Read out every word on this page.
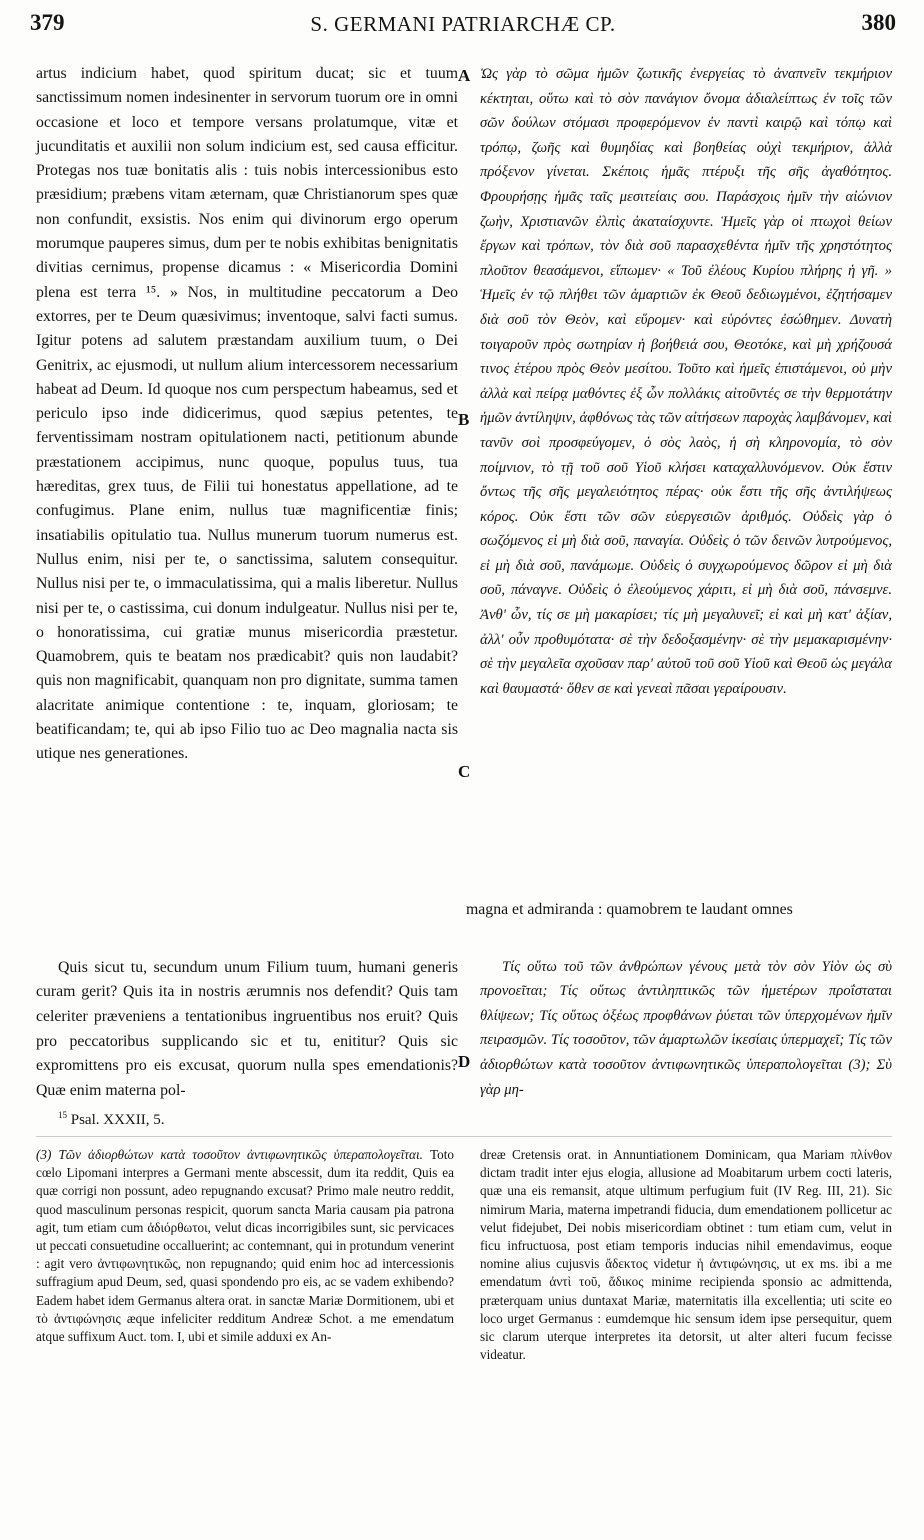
379	S. GERMANI PATRIARCHÆ CP.	380
A
B
C
D

artus indicium habet, quod spiritum ducat; sic et tuum sanctissimum nomen indesinenter in servorum tuorum ore in omni occasione et loco et tempore versans prolatumque, vitæ et jucunditatis et auxilii non solum indicium est, sed causa efficitur. Protegas nos tuæ bonitatis alis : tuis nobis intercessionibus esto præsidium; præbens vitam æternam, quæ Christianorum spes quæ non confundit, exsistis. Nos enim qui divinorum ergo operum morumque pauperes simus, dum per te nobis exhibitas benignitatis divitias cernimus, propense dicamus : « Misericordia Domini plena est terra ¹⁵. » Nos, in multitudine peccatorum a Deo extorres, per te Deum quæsivimus; inventoque, salvi facti sumus. Igitur potens ad salutem præstandam auxilium tuum, o Dei Genitrix, ac ejusmodi, ut nullum alium intercessorem necessarium habeat ad Deum. Id quoque nos cum perspectum habeamus, sed et periculo ipso inde didicerimus, quod sæpius petentes, te ferventissimam nostram opitulationem nacti, petitionum abunde præstationem accipimus, nunc quoque, populus tuus, tua hæreditas, grex tuus, de Filii tui honestatus appellatione, ad te confugimus. Plane enim, nullus tuæ magnificentiæ finis; insatiabilis opitulatio tua. Nullus munerum tuorum numerus est. Nullus enim, nisi per te, o sanctissima, salutem consequitur. Nullus nisi per te, o immaculatissima, qui a malis liberetur. Nullus nisi per te, o castissima, cui donum indulgeatur. Nullus nisi per te, o honoratissima, cui gratiæ munus misericordia præstetur. Quamobrem, quis te beatam nos prædicabit? quis non laudabit? quis non magnificabit, quanquam non pro dignitate, summa tamen alacritate animique contentione : te, inquam, gloriosam; te beatificandam; te, qui ab ipso Filio tuo ac Deo magnalia nacta sis utique nes generationes.

Ὡς γὰρ τὸ σῶμα ἡμῶν ζωτικῆς ἐνεργείας τὸ ἀναπνεῖν τεκμήριον κέκτηται, οὕτω καὶ τὸ σὸν πανάγιον ὄνομα ἀδιαλείπτως ἐν τοῖς τῶν σῶν δούλων στόμασι προφερόμενον ἐν παντὶ καιρῷ καὶ τόπῳ καὶ τρόπῳ, ζωῆς καὶ θυμηδίας καὶ βοηθείας οὐχὶ τεκμήριον, ἀλλὰ πρόξενον γίνεται. Σκέποις ἡμᾶς πτέρυξι τῆς σῆς ἀγαθότητος. Φρουρήσῃς ἡμᾶς ταῖς μεσιτείαις σου. Παράσχοις ἡμῖν τὴν αἰώνιον ζωὴν, Χριστιανῶν ἐλπὶς ἀκαταίσχυντε. Ἡμεῖς γὰρ οἱ πτωχοὶ θείων ἔργων καὶ τρόπων, τὸν διὰ σοῦ παρασχεθέντα ἡμῖν τῆς χρηστότητος πλοῦτον θεασάμενοι, εἴπωμεν· « Τοῦ ἐλέους Κυρίου πλήρης ἡ γῆ. » Ἡμεῖς ἐν τῷ πλήθει τῶν ἁμαρτιῶν ἐκ Θεοῦ δεδιωγμένοι, ἐζητήσαμεν διὰ σοῦ τὸν Θεὸν, καὶ εὕρομεν· καὶ εὑρόντες ἐσώθημεν. Δυνατὴ τοιγαροῦν πρὸς σωτηρίαν ἡ βοήθειά σου, Θεοτόκε, καὶ μὴ χρήζουσά τινος ἑτέρου πρὸς Θεὸν μεσίτου. Τοῦτο καὶ ἡμεῖς ἐπιστάμενοι, οὐ μὴν ἀλλὰ καὶ πείρᾳ μαθόντες ἐξ ὧν πολλάκις αἰτοῦντές σε τὴν θερμοτάτην ἡμῶν ἀντίληψιν, ἀφθόνως τὰς τῶν αἰτήσεων παροχὰς λαμβάνομεν, καὶ τανῦν σοὶ προσφεύγομεν, ὁ σὸς λαὸς, ἡ σὴ κληρονομία, τὸ σὸν ποίμνιον, τὸ τῇ τοῦ σοῦ Υἱοῦ κλήσει καταχαλλυνόμενον. Οὐκ ἔστιν ὄντως τῆς σῆς μεγαλειότητος πέρας· οὐκ ἔστι τῆς σῆς ἀντιλήψεως κόρος. Οὐκ ἔστι τῶν σῶν εὐεργεσιῶν ἀριθμός. Οὐδεὶς γὰρ ὁ σωζόμενος εἰ μὴ διὰ σοῦ, παναγία. Οὐδεὶς ὁ τῶν δεινῶν λυτρούμενος, εἰ μὴ διὰ σοῦ, πανάμωμε. Οὐδεὶς ὁ συγχωρούμενος δῶρον εἰ μὴ διὰ σοῦ, πάναγνε. Οὐδεὶς ὁ ἐλεούμενος χάριτι, εἰ μὴ διὰ σοῦ, πάνσεμνε. Ἀνθ' ὧν, τίς σε μὴ μακαρίσει; τίς μὴ μεγαλυνεῖ; εἰ καὶ μὴ κατ' ἀξίαν, ἀλλ' οὖν προθυμότατα· σὲ τὴν δεδοξασμένην· σὲ τὴν μεμακαρισμένην· σὲ τὴν μεγαλεῖα σχοῦσαν παρ' αὐτοῦ τοῦ σοῦ Υἱοῦ καὶ Θεοῦ ὡς μεγάλα καὶ θαυμαστά· ὅθεν σε καὶ γενεαὶ πᾶσαι γεραίρουσιν.

magna et admiranda : quamobrem te laudant omnes

Quis sicut tu, secundum unum Filium tuum, humani generis curam gerit? Quis ita in nostris ærumnis nos defendit? Quis tam celeriter præveniens a tentationibus ingruentibus nos eruit? Quis pro peccatoribus supplicando sic et tu, enititur? Quis sic expromittens pro eis excusat, quorum nulla spes emendationis? Quæ enim materna pol-

Τίς οὕτω τοῦ τῶν ἀνθρώπων γένους μετὰ τὸν σὸν Υἱὸν ὡς σὺ προνοεῖται; Τίς οὕτως ἀντιληπτικῶς τῶν ἡμετέρων προΐσταται θλίψεων; Τίς οὕτως ὀξέως προφθάνων ῥύεται τῶν ὑπερχομένων ἡμῖν πειρασμῶν. Τίς τοσοῦτον, τῶν ἁμαρτωλῶν ἱκεσίαις ὑπερμαχεῖ; Τίς τῶν ἀδιορθώτων κατὰ τοσοῦτον ἀντιφωνητικῶς ὑπεραπολογεῖται (3); Σὺ γὰρ μη-

$^{15}$ Psal. XXXII, 5.
(3) Τῶν ἀδιορθώτων κατὰ τοσοῦτον ἀντιφωνητικῶς ὑπεραπολογεῖται. Toto cœlo Lipomani interpres a Germani mente abscessit, dum ita reddit, Quis ea quæ corrigi non possunt, adeo repugnando excusat? Primo male neutro reddit, quod masculinum personas respicit, quorum sancta Maria causam pia patrona agit, tum etiam cum ἀδιόρθωτοι, velut dicas incorrigibiles sunt, sic pervicaces ut peccati consuetudine occalluerint; ac contemnant, qui in protundum venerint : agit vero ἀντιφωνητικῶς, non repugnando; quid enim hoc ad intercessionis suffragium apud Deum, sed, quasi spondendo pro eis, ac se vadem exhibendo? Eadem habet idem Germanus altera orat. in sanctæ Mariæ Dormitionem, ubi et τὸ ἀντιφώνησις æque infeliciter redditum Andreæ Schot. a me emendatum atque suffixum Auct. tom. I, ubi et simile adduxi ex An-
dreæ Cretensis orat. in Annuntiationem Dominicam, qua Mariam πλίνθον dictam tradit inter ejus elogia, allusione ad Moabitarum urbem cocti lateris, quæ una eis remansit, atque ultimum perfugium fuit (IV Reg. III, 21). Sic nimirum Maria, materna impetrandi fiducia, dum emendationem pollicetur ac velut fidejubet, Dei nobis misericordiam obtinet : tum etiam cum, velut in ficu infructuosa, post etiam temporis inducias nihil emendavimus, eoque nomine alius cujusvis ἄδεκτος videtur ἡ ἀντιφώνησις, ut ex ms. ibi a me emendatum ἀντὶ τοῦ, ἄδικος minime recipienda sponsio ac admittenda, præterquam unius duntaxat Mariæ, maternitatis illa excellentia; uti scite eo loco urget Germanus : eumdemque hic sensum idem ipse persequitur, quem sic clarum uterque interpretes ita detorsit, ut alter alteri fucum fecisse videatur.
